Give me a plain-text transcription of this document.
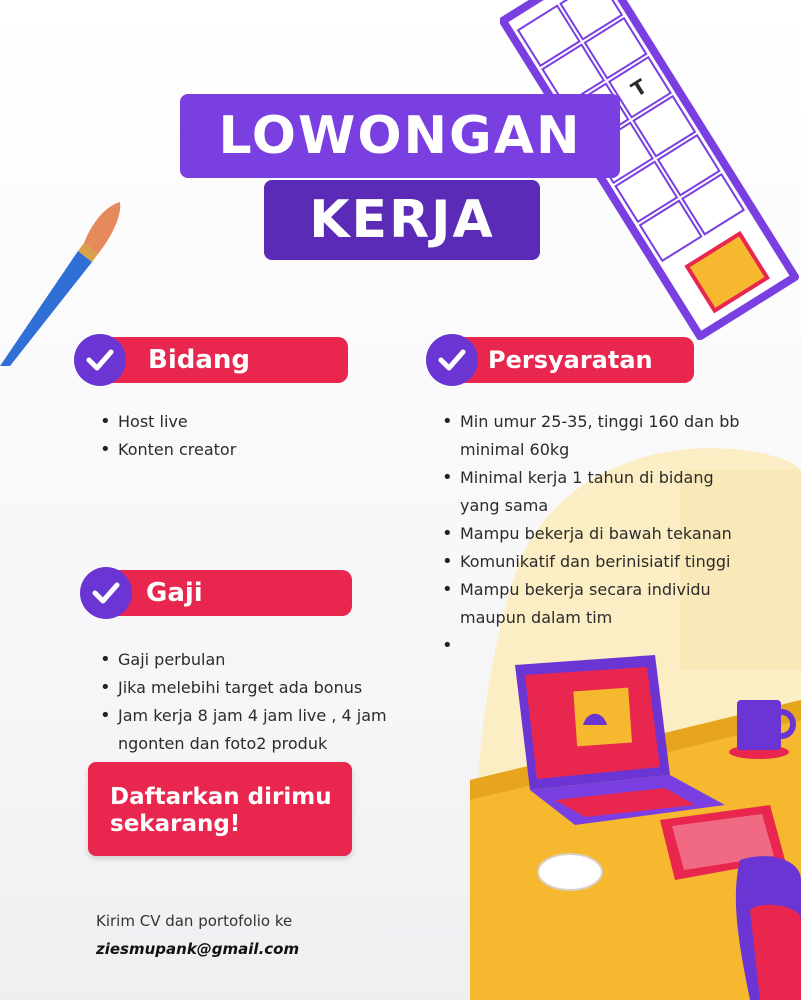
T
LOWONGAN
KERJA
Bidang
• Host live
• Konten creator
Persyaratan
• Min umur 25-35, tinggi 160 dan bb minimal 60kg
• Minimal kerja 1 tahun di bidang yang sama
• Mampu bekerja di bawah tekanan
• Komunikatif dan berinisiatif tinggi
• Mampu bekerja secara individu maupun dalam tim
Gaji
• Gaji perbulan
• Jika melebihi target ada bonus
• Jam kerja 8 jam 4 jam live , 4 jam ngonten dan foto2 produk
Daftarkan dirimu sekarang!
Kirim CV dan portofolio ke
ziesmupank@gmail.com
